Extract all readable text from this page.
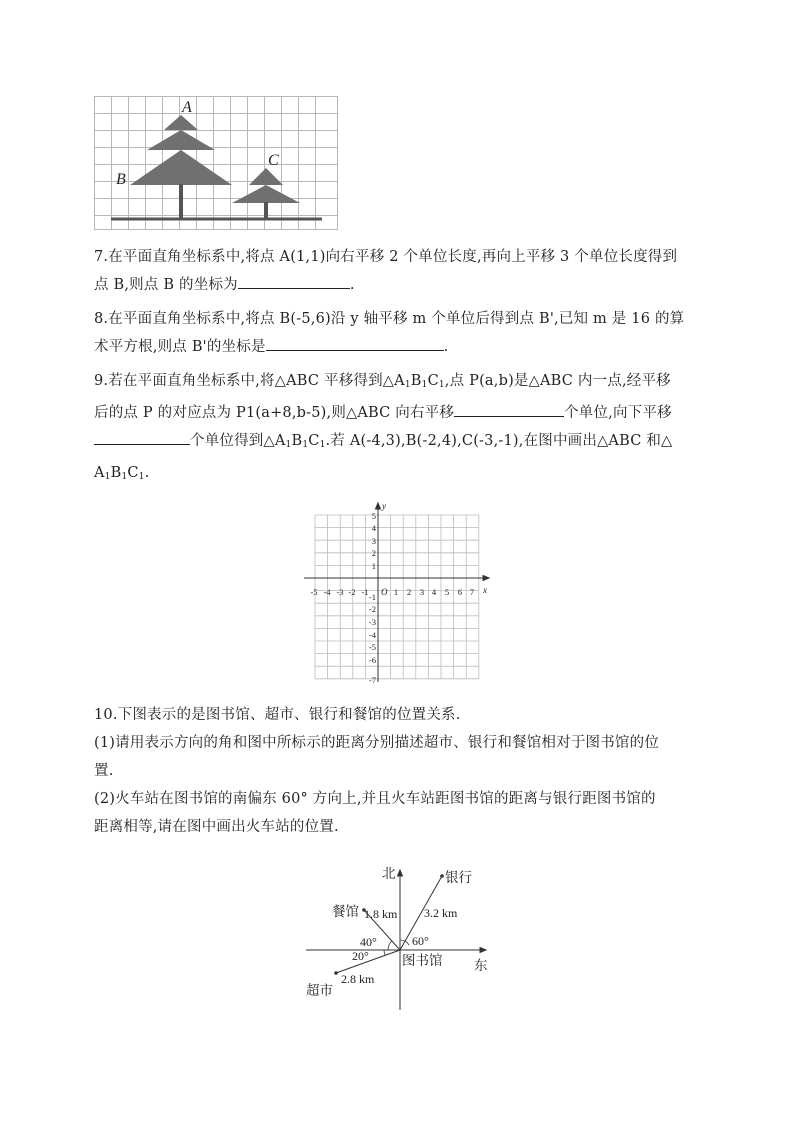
A
B
C
7.在平面直角坐标系中,将点 A(1,1)向右平移 2 个单位长度,再向上平移 3 个单位长度得到
点 B,则点 B 的坐标为	.
8.在平面直角坐标系中,将点 B(-5,6)沿 y 轴平移 m 个单位后得到点 B',已知 m 是 16 的算
术平方根,则点 B'的坐标是	.
9.若在平面直角坐标系中,将△ABC 平移得到$\triangle A_1B_1C_1$,点 P(a,b)是△ABC 内一点,经平移
后的点 P 的对应点为 P1(a+8,b-5),则△ABC 向右平移	个单位,向下平移
个单位得到$\triangle A_1B_1C_1$.若 A(-4,3),B(-2,4),C(-3,-1),在图中画出△ABC 和△
$A_1B_1C_1$.
x
y
O
-5 -4 -3 -2 -1	1 2 3 4 5 6 7
5
4
3
2
1
-1
-2
-3
-4
-5
-6
-7
10.下图表示的是图书馆、超市、银行和餐馆的位置关系.
(1)请用表示方向的角和图中所标示的距离分别描述超市、银行和餐馆相对于图书馆的位
置.
(2)火车站在图书馆的南偏东 60° 方向上,并且火车站距图书馆的距离与银行距图书馆的
距离相等,请在图中画出火车站的位置.
北
东
图书馆
银行
餐馆
超市
1.8 km 3.2 km
2.8 km
40°	60°
20°
